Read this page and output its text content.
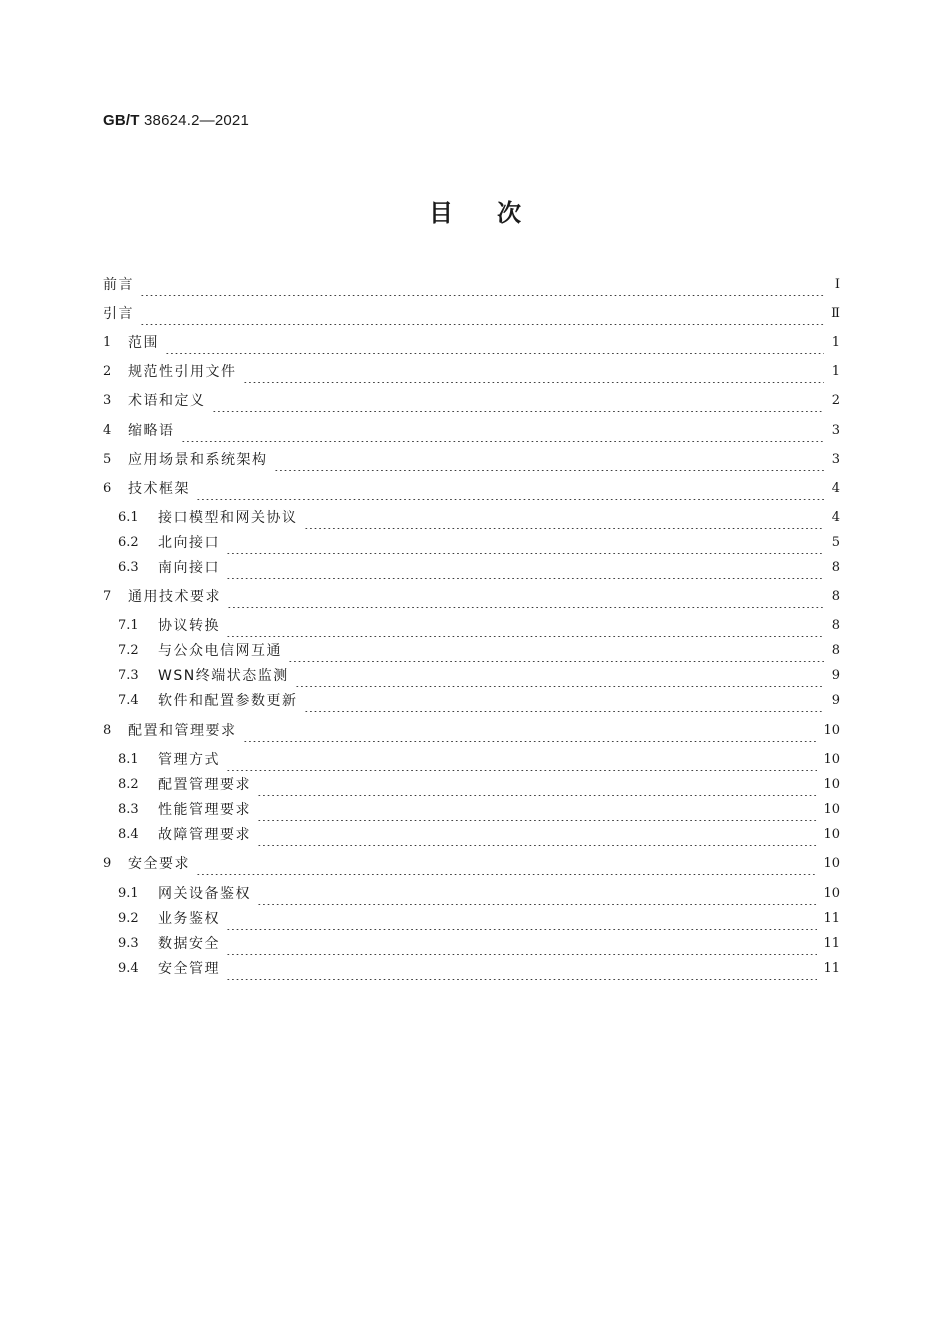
GB/T 38624.2—2021
目次
前言	Ⅰ
引言	Ⅱ
1	范围	1
2	规范性引用文件	1
3	术语和定义	2
4	缩略语	3
5	应用场景和系统架构	3
6	技术框架	4
6.1	接口模型和网关协议	4
6.2	北向接口	5
6.3	南向接口	8
7	通用技术要求	8
7.1	协议转换	8
7.2	与公众电信网互通	8
7.3	WSN终端状态监测	9
7.4	软件和配置参数更新	9
8	配置和管理要求	10
8.1	管理方式	10
8.2	配置管理要求	10
8.3	性能管理要求	10
8.4	故障管理要求	10
9	安全要求	10
9.1	网关设备鉴权	10
9.2	业务鉴权	11
9.3	数据安全	11
9.4	安全管理	11
